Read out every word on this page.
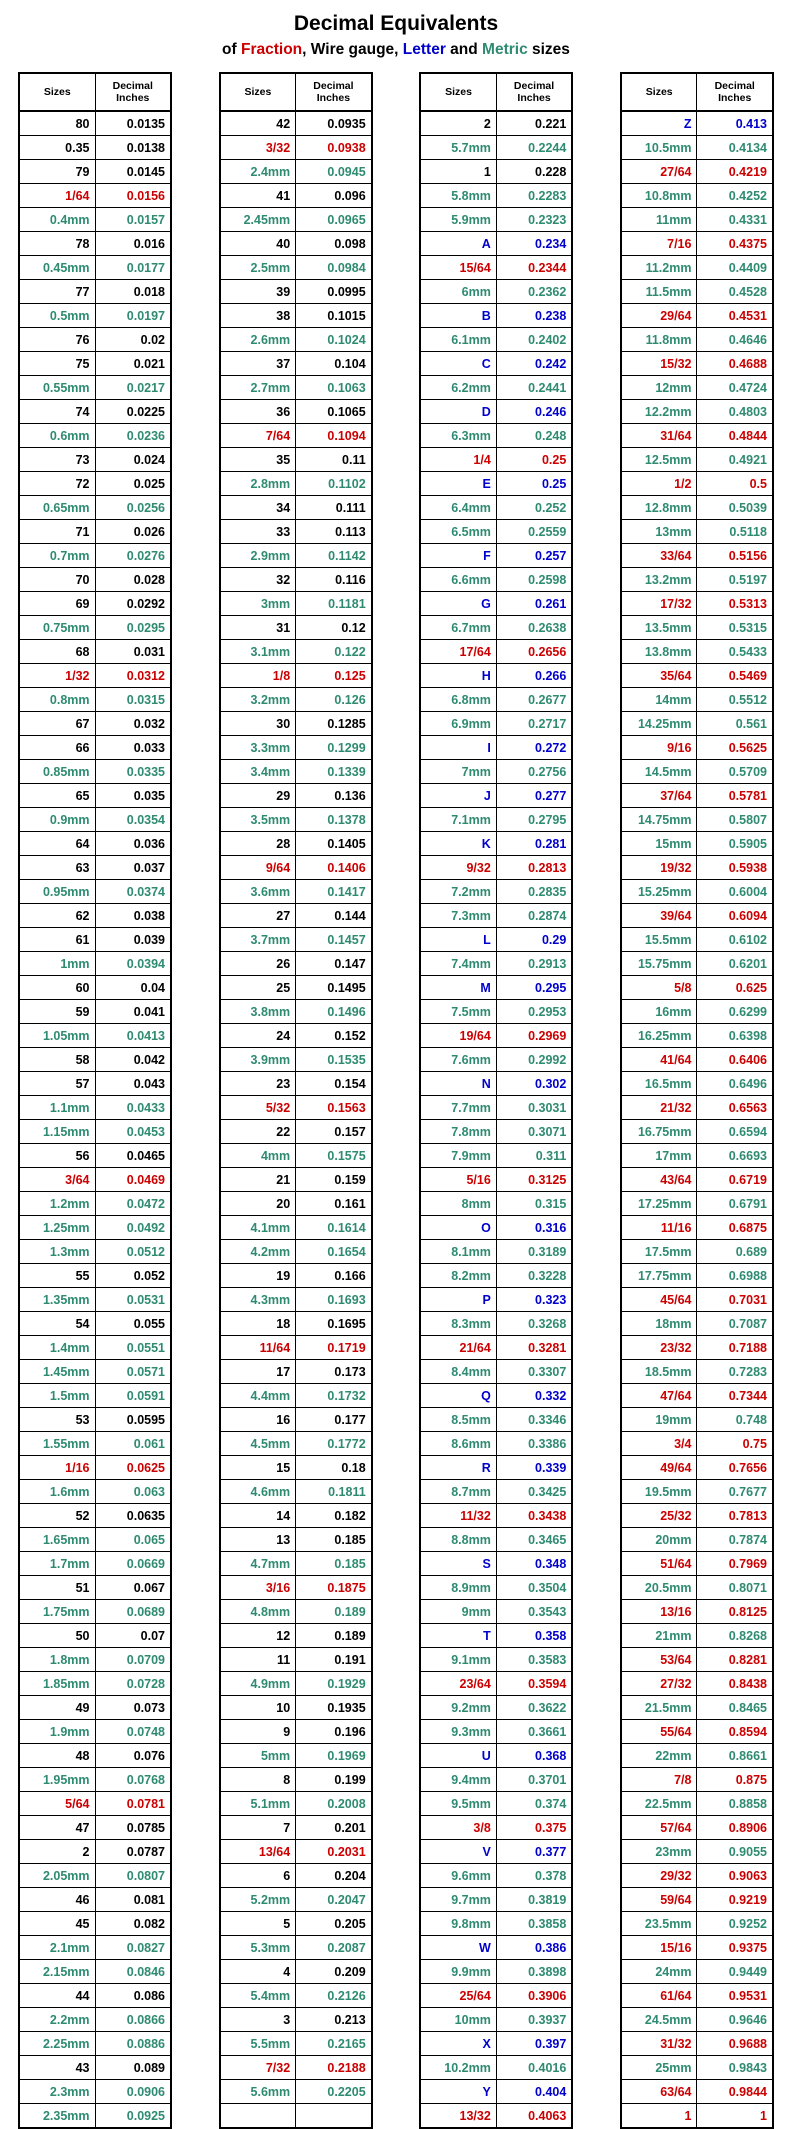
Decimal Equivalents
of Fraction, Wire gauge, Letter and Metric sizes
Sizes	Decimal
Inches

80	0.0135
0.35	0.0138
79	0.0145
1/64	0.0156
0.4mm	0.0157
78	0.016
0.45mm	0.0177
77	0.018
0.5mm	0.0197
76	0.02
75	0.021
0.55mm	0.0217
74	0.0225
0.6mm	0.0236
73	0.024
72	0.025
0.65mm	0.0256
71	0.026
0.7mm	0.0276
70	0.028
69	0.0292
0.75mm	0.0295
68	0.031
1/32	0.0312
0.8mm	0.0315
67	0.032
66	0.033
0.85mm	0.0335
65	0.035
0.9mm	0.0354
64	0.036
63	0.037
0.95mm	0.0374
62	0.038
61	0.039
1mm	0.0394
60	0.04
59	0.041
1.05mm	0.0413
58	0.042
57	0.043
1.1mm	0.0433
1.15mm	0.0453
56	0.0465
3/64	0.0469
1.2mm	0.0472
1.25mm	0.0492
1.3mm	0.0512
55	0.052
1.35mm	0.0531
54	0.055
1.4mm	0.0551
1.45mm	0.0571
1.5mm	0.0591
53	0.0595
1.55mm	0.061
1/16	0.0625
1.6mm	0.063
52	0.0635
1.65mm	0.065
1.7mm	0.0669
51	0.067
1.75mm	0.0689
50	0.07
1.8mm	0.0709
1.85mm	0.0728
49	0.073
1.9mm	0.0748
48	0.076
1.95mm	0.0768
5/64	0.0781
47	0.0785
2	0.0787
2.05mm	0.0807
46	0.081
45	0.082
2.1mm	0.0827
2.15mm	0.0846
44	0.086
2.2mm	0.0866
2.25mm	0.0886
43	0.089
2.3mm	0.0906
2.35mm	0.0925
Sizes	Decimal
Inches

42	0.0935
3/32	0.0938
2.4mm	0.0945
41	0.096
2.45mm	0.0965
40	0.098
2.5mm	0.0984
39	0.0995
38	0.1015
2.6mm	0.1024
37	0.104
2.7mm	0.1063
36	0.1065
7/64	0.1094
35	0.11
2.8mm	0.1102
34	0.111
33	0.113
2.9mm	0.1142
32	0.116
3mm	0.1181
31	0.12
3.1mm	0.122
1/8	0.125
3.2mm	0.126
30	0.1285
3.3mm	0.1299
3.4mm	0.1339
29	0.136
3.5mm	0.1378
28	0.1405
9/64	0.1406
3.6mm	0.1417
27	0.144
3.7mm	0.1457
26	0.147
25	0.1495
3.8mm	0.1496
24	0.152
3.9mm	0.1535
23	0.154
5/32	0.1563
22	0.157
4mm	0.1575
21	0.159
20	0.161
4.1mm	0.1614
4.2mm	0.1654
19	0.166
4.3mm	0.1693
18	0.1695
11/64	0.1719
17	0.173
4.4mm	0.1732
16	0.177
4.5mm	0.1772
15	0.18
4.6mm	0.1811
14	0.182
13	0.185
4.7mm	0.185
3/16	0.1875
4.8mm	0.189
12	0.189
11	0.191
4.9mm	0.1929
10	0.1935
9	0.196
5mm	0.1969
8	0.199
5.1mm	0.2008
7	0.201
13/64	0.2031
6	0.204
5.2mm	0.2047
5	0.205
5.3mm	0.2087
4	0.209
5.4mm	0.2126
3	0.213
5.5mm	0.2165
7/32	0.2188
5.6mm	0.2205

Sizes	Decimal
Inches

2	0.221
5.7mm	0.2244
1	0.228
5.8mm	0.2283
5.9mm	0.2323
A	0.234
15/64	0.2344
6mm	0.2362
B	0.238
6.1mm	0.2402
C	0.242
6.2mm	0.2441
D	0.246
6.3mm	0.248
1/4	0.25
E	0.25
6.4mm	0.252
6.5mm	0.2559
F	0.257
6.6mm	0.2598
G	0.261
6.7mm	0.2638
17/64	0.2656
H	0.266
6.8mm	0.2677
6.9mm	0.2717
I	0.272
7mm	0.2756
J	0.277
7.1mm	0.2795
K	0.281
9/32	0.2813
7.2mm	0.2835
7.3mm	0.2874
L	0.29
7.4mm	0.2913
M	0.295
7.5mm	0.2953
19/64	0.2969
7.6mm	0.2992
N	0.302
7.7mm	0.3031
7.8mm	0.3071
7.9mm	0.311
5/16	0.3125
8mm	0.315
O	0.316
8.1mm	0.3189
8.2mm	0.3228
P	0.323
8.3mm	0.3268
21/64	0.3281
8.4mm	0.3307
Q	0.332
8.5mm	0.3346
8.6mm	0.3386
R	0.339
8.7mm	0.3425
11/32	0.3438
8.8mm	0.3465
S	0.348
8.9mm	0.3504
9mm	0.3543
T	0.358
9.1mm	0.3583
23/64	0.3594
9.2mm	0.3622
9.3mm	0.3661
U	0.368
9.4mm	0.3701
9.5mm	0.374
3/8	0.375
V	0.377
9.6mm	0.378
9.7mm	0.3819
9.8mm	0.3858
W	0.386
9.9mm	0.3898
25/64	0.3906
10mm	0.3937
X	0.397
10.2mm	0.4016
Y	0.404
13/32	0.4063
Sizes	Decimal
Inches

Z	0.413
10.5mm	0.4134
27/64	0.4219
10.8mm	0.4252
11mm	0.4331
7/16	0.4375
11.2mm	0.4409
11.5mm	0.4528
29/64	0.4531
11.8mm	0.4646
15/32	0.4688
12mm	0.4724
12.2mm	0.4803
31/64	0.4844
12.5mm	0.4921
1/2	0.5
12.8mm	0.5039
13mm	0.5118
33/64	0.5156
13.2mm	0.5197
17/32	0.5313
13.5mm	0.5315
13.8mm	0.5433
35/64	0.5469
14mm	0.5512
14.25mm	0.561
9/16	0.5625
14.5mm	0.5709
37/64	0.5781
14.75mm	0.5807
15mm	0.5905
19/32	0.5938
15.25mm	0.6004
39/64	0.6094
15.5mm	0.6102
15.75mm	0.6201
5/8	0.625
16mm	0.6299
16.25mm	0.6398
41/64	0.6406
16.5mm	0.6496
21/32	0.6563
16.75mm	0.6594
17mm	0.6693
43/64	0.6719
17.25mm	0.6791
11/16	0.6875
17.5mm	0.689
17.75mm	0.6988
45/64	0.7031
18mm	0.7087
23/32	0.7188
18.5mm	0.7283
47/64	0.7344
19mm	0.748
3/4	0.75
49/64	0.7656
19.5mm	0.7677
25/32	0.7813
20mm	0.7874
51/64	0.7969
20.5mm	0.8071
13/16	0.8125
21mm	0.8268
53/64	0.8281
27/32	0.8438
21.5mm	0.8465
55/64	0.8594
22mm	0.8661
7/8	0.875
22.5mm	0.8858
57/64	0.8906
23mm	0.9055
29/32	0.9063
59/64	0.9219
23.5mm	0.9252
15/16	0.9375
24mm	0.9449
61/64	0.9531
24.5mm	0.9646
31/32	0.9688
25mm	0.9843
63/64	0.9844
1	1
